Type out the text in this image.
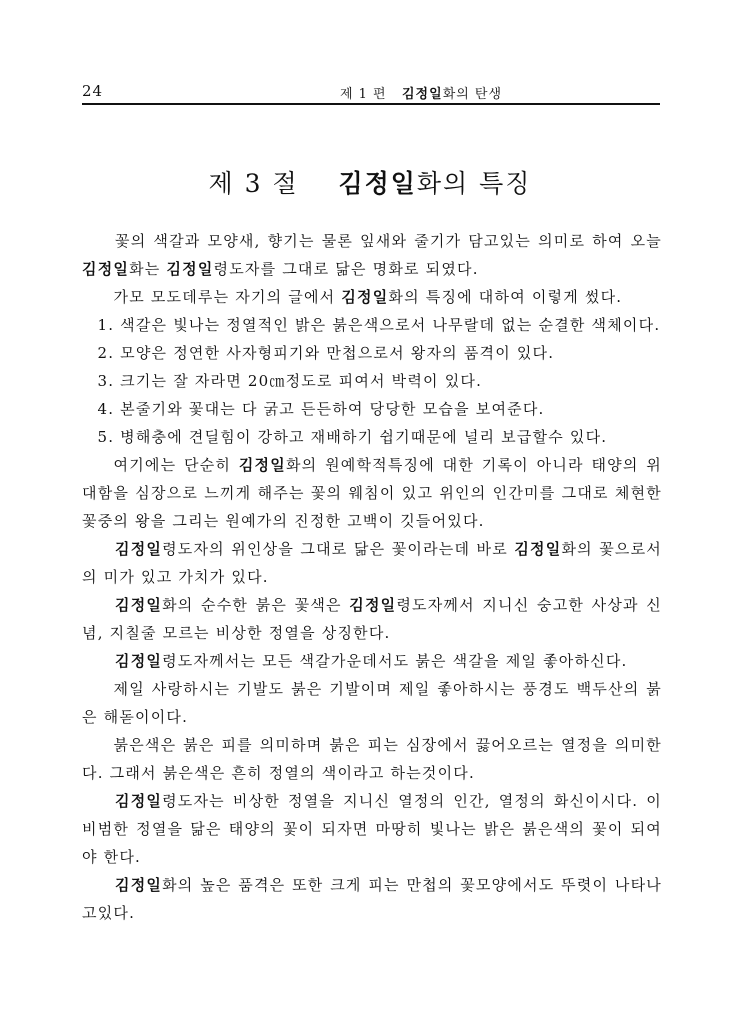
24	제 1 편 김정일화의 탄생
제 3 절 김정일화의 특징

꽃의 색갈과 모양새, 향기는 물론 잎새와 줄기가 담고있는 의미로 하여 오늘 김정일화는 김정일령도자를 그대로 닮은 명화로 되였다.

가모 모도데루는 자기의 글에서 김정일화의 특징에 대하여 이렇게 썼다.

1. 색갈은 빛나는 정열적인 밝은 붉은색으로서 나무랄데 없는 순결한 색체이다.

2. 모양은 정연한 사자형피기와 만첩으로서 왕자의 품격이 있다.

3. 크기는 잘 자라면 20㎝정도로 피여서 박력이 있다.

4. 본줄기와 꽃대는 다 굵고 든든하여 당당한 모습을 보여준다.

5. 병해충에 견딜힘이 강하고 재배하기 쉽기때문에 널리 보급할수 있다.

여기에는 단순히 김정일화의 원예학적특징에 대한 기록이 아니라 태양의 위대함을 심장으로 느끼게 해주는 꽃의 웨침이 있고 위인의 인간미를 그대로 체현한 꽃중의 왕을 그리는 원예가의 진정한 고백이 깃들어있다.

김정일령도자의 위인상을 그대로 닮은 꽃이라는데 바로 김정일화의 꽃으로서의 미가 있고 가치가 있다.

김정일화의 순수한 붉은 꽃색은 김정일령도자께서 지니신 숭고한 사상과 신념, 지칠줄 모르는 비상한 정열을 상징한다.

김정일령도자께서는 모든 색갈가운데서도 붉은 색갈을 제일 좋아하신다.

제일 사랑하시는 기발도 붉은 기발이며 제일 좋아하시는 풍경도 백두산의 붉은 해돋이이다.

붉은색은 붉은 피를 의미하며 붉은 피는 심장에서 끓어오르는 열정을 의미한다. 그래서 붉은색은 흔히 정열의 색이라고 하는것이다.

김정일령도자는 비상한 정열을 지니신 열정의 인간, 열정의 화신이시다. 이 비범한 정열을 닮은 태양의 꽃이 되자면 마땅히 빛나는 밝은 붉은색의 꽃이 되여야 한다.

김정일화의 높은 품격은 또한 크게 피는 만첩의 꽃모양에서도 뚜렷이 나타나고있다.
